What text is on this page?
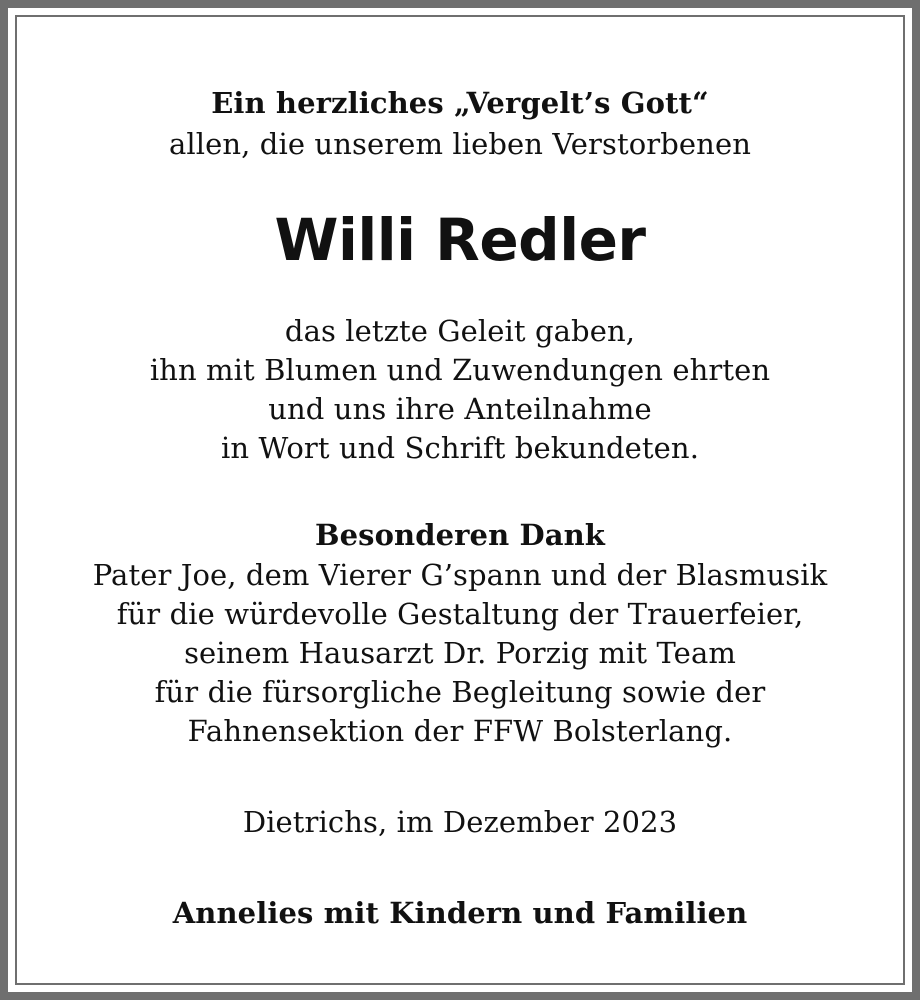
Ein herzliches „Vergelt’s Gott“
allen, die unserem lieben Verstorbenen
Willi Redler
das letzte Geleit gaben,
ihn mit Blumen und Zuwendungen ehrten
und uns ihre Anteilnahme
in Wort und Schrift bekundeten.
Besonderen Dank
Pater Joe, dem Vierer G’spann und der Blasmusik
für die würdevolle Gestaltung der Trauerfeier,
seinem Hausarzt Dr. Porzig mit Team
für die fürsorgliche Begleitung sowie der
Fahnensektion der FFW Bolsterlang.
Dietrichs, im Dezember 2023
Annelies mit Kindern und Familien
